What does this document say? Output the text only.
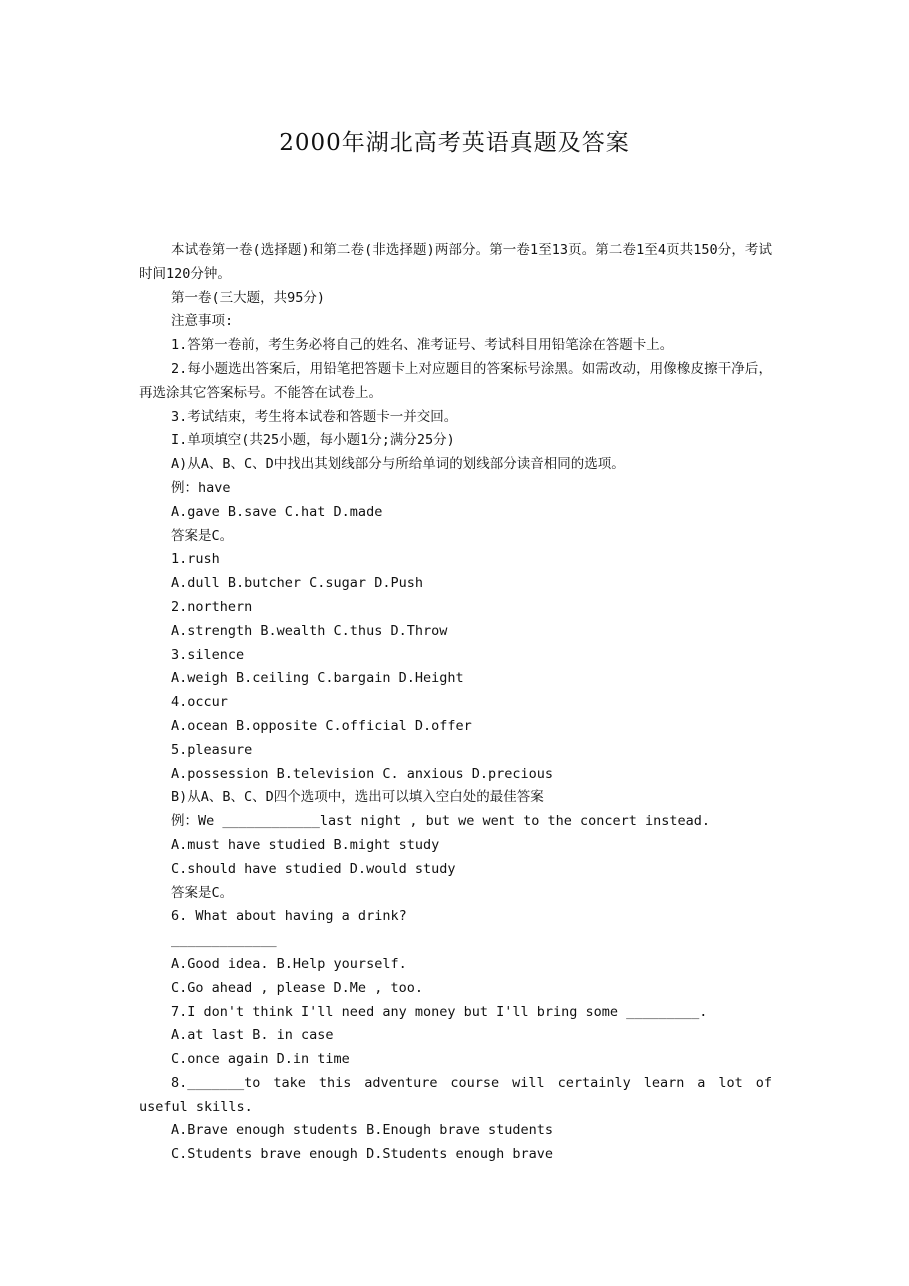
2000年湖北高考英语真题及答案

本试卷第一卷(选择题)和第二卷(非选择题)两部分。第一卷1至13页。第二卷1至4页共150分，考试时间120分钟。

第一卷(三大题，共95分)

注意事项:

1.答第一卷前，考生务必将自己的姓名、准考证号、考试科目用铅笔涂在答题卡上。

2.每小题选出答案后，用铅笔把答题卡上对应题目的答案标号涂黑。如需改动，用像橡皮擦干净后，再选涂其它答案标号。不能答在试卷上。

3.考试结束，考生将本试卷和答题卡一并交回。

I.单项填空(共25小题，每小题1分;满分25分)

A)从A、B、C、D中找出其划线部分与所给单词的划线部分读音相同的选项。

例：have

A.gave B.save C.hat D.made

答案是C。

1.rush

A.dull B.butcher C.sugar D.Push

2.northern

A.strength B.wealth C.thus D.Throw

3.silence

A.weigh B.ceiling C.bargain D.Height

4.occur

A.ocean B.opposite C.official D.offer

5.pleasure

A.possession B.television C. anxious D.precious

B)从A、B、C、D四个选项中，选出可以填入空白处的最佳答案

例：We ____________last night , but we went to the concert instead.

A.must have studied B.might study

C.should have studied D.would study

答案是C。

6. What about having a drink?

_____________

A.Good idea. B.Help yourself.

C.Go ahead , please D.Me , too.

7.I don't think I'll need any money but I'll bring some _________.

A.at last B. in case

C.once again D.in time

8._______to take this adventure course will certainly learn a lot of useful skills.

A.Brave enough students B.Enough brave students

C.Students brave enough D.Students enough brave
